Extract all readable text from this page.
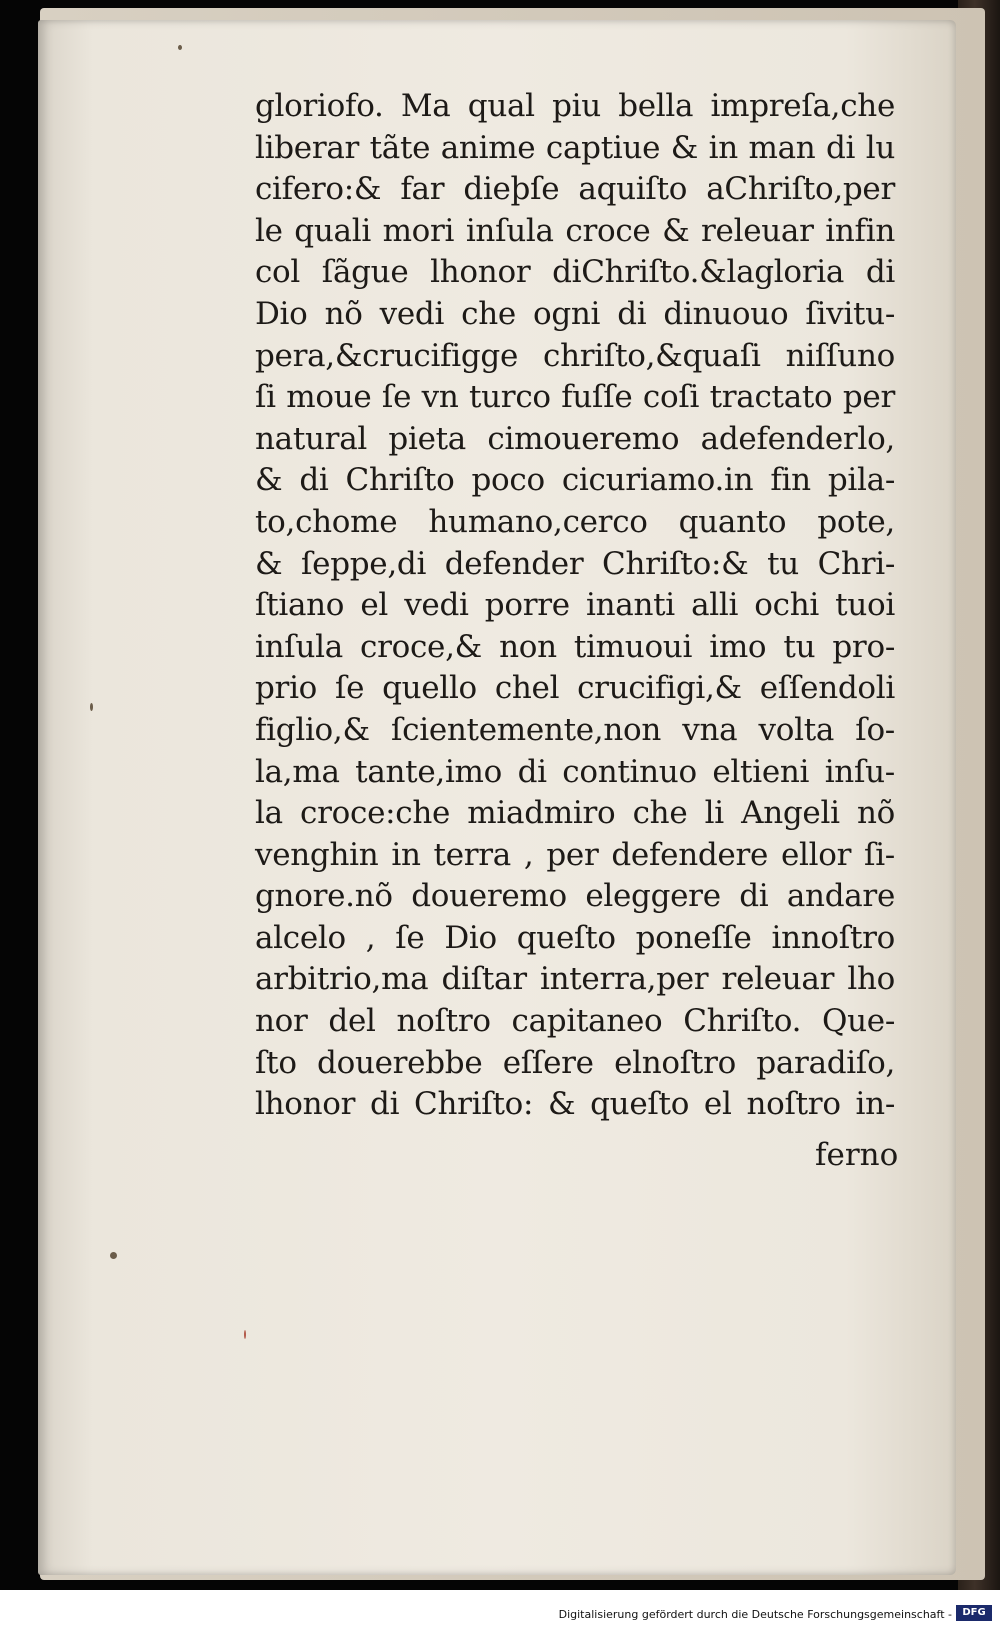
gloriofo. Ma qual piu bella impreſa,che
liberar tãte anime captiue & in man di lu
cifero:& far dieþſe aquiſto aChriſto,per
le quali mori inſula croce & releuar infin
col ſãgue lhonor diChriſto.&lagloria di
Dio nõ vedi che ogni di dinuouo ſivitu-
pera,&crucifigge chriſto,&quaſi niſſuno
ſi moue ſe vn turco fuſſe coſi tractato per
natural pieta cimoueremo adefenderlo,
& di Chriſto poco cicuriamo.in fin pila-
to,chome humano,cerco quanto pote,
& ſeppe,di defender Chriſto:& tu Chri-
ſtiano el vedi porre inanti alli ochi tuoi
inſula croce,& non timuoui imo tu pro-
prio ſe quello chel crucifigi,& eſſendoli
figlio,& ſcientemente,non vna volta ſo-
la,ma tante,imo di continuo eltieni inſu-
la croce:che miadmiro che li Angeli nõ
venghin in terra , per defendere ellor ſi-
gnore.nõ doueremo eleggere di andare
alcelo , ſe Dio queſto poneſſe innoſtro
arbitrio,ma diſtar interra,per releuar lho
nor del noſtro capitaneo Chriſto. Que-
ſto douerebbe eſſere elnoſtro paradiſo,
lhonor di Chriſto: & queſto el noſtro in-
ferno
Digitalisierung gefördert durch die Deutsche Forschungsgemeinschaft -	DFG
